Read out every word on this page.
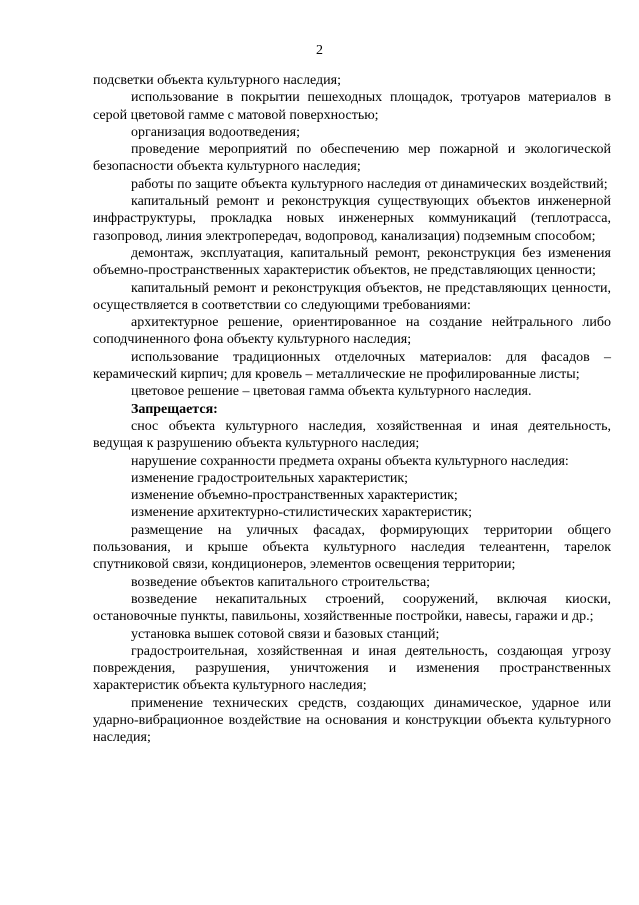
2

подсветки объекта культурного наследия;

использование в покрытии пешеходных площадок, тротуаров материалов в серой цветовой гамме с матовой поверхностью;

организация водоотведения;

проведение мероприятий по обеспечению мер пожарной и экологической безопасности объекта культурного наследия;

работы по защите объекта культурного наследия от динамических воздействий;

капитальный ремонт и реконструкция существующих объектов инженерной инфраструктуры, прокладка новых инженерных коммуникаций (теплотрасса, газопровод, линия электропередач, водопровод, канализация) подземным способом;

демонтаж, эксплуатация, капитальный ремонт, реконструкция без изменения объемно-пространственных характеристик объектов, не представляющих ценности;

капитальный ремонт и реконструкция объектов, не представляющих ценности, осуществляется в соответствии со следующими требованиями:

архитектурное решение, ориентированное на создание нейтрального либо соподчиненного фона объекту культурного наследия;

использование традиционных отделочных материалов: для фасадов – керамический кирпич; для кровель – металлические не профилированные листы;

цветовое решение – цветовая гамма объекта культурного наследия.

Запрещается:

снос объекта культурного наследия, хозяйственная и иная деятельность, ведущая к разрушению объекта культурного наследия;

нарушение сохранности предмета охраны объекта культурного наследия:

изменение градостроительных характеристик;

изменение объемно-пространственных характеристик;

изменение архитектурно-стилистических характеристик;

размещение на уличных фасадах, формирующих территории общего пользования, и крыше объекта культурного наследия телеантенн, тарелок спутниковой связи, кондиционеров, элементов освещения территории;

возведение объектов капитального строительства;

возведение некапитальных строений, сооружений, включая киоски, остановочные пункты, павильоны, хозяйственные постройки, навесы, гаражи и др.;

установка вышек сотовой связи и базовых станций;

градостроительная, хозяйственная и иная деятельность, создающая угрозу повреждения, разрушения, уничтожения и изменения пространственных характеристик объекта культурного наследия;

применение технических средств, создающих динамическое, ударное или ударно-вибрационное воздействие на основания и конструкции объекта культурного наследия;
